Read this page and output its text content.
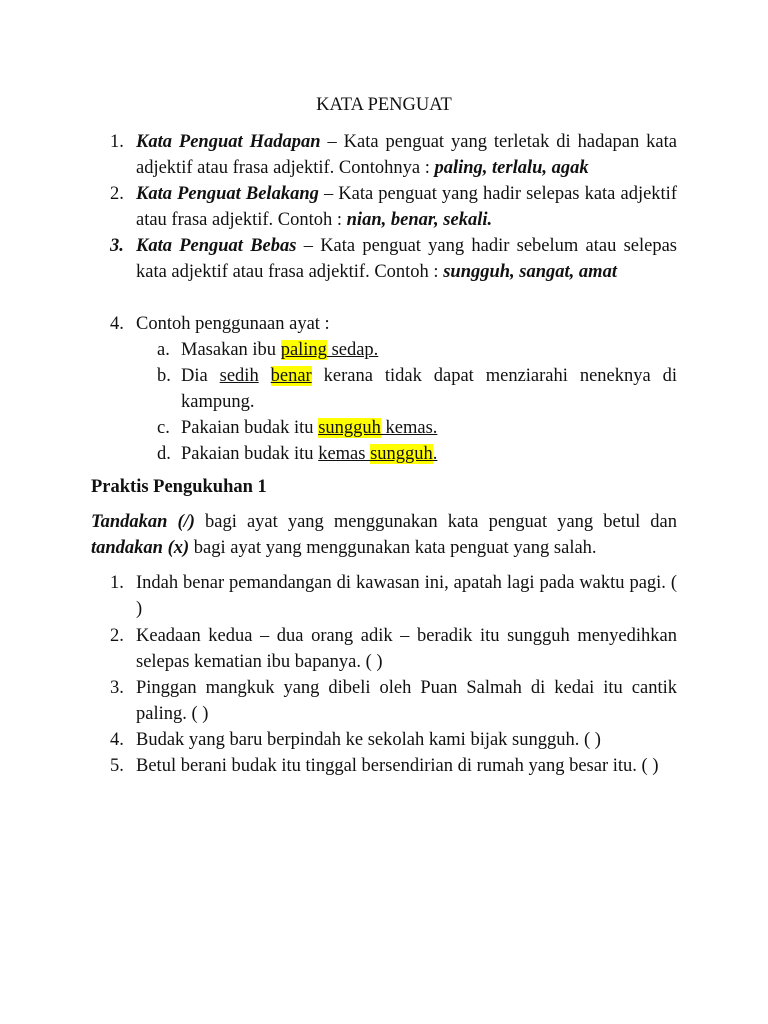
KATA PENGUAT
1. Kata Penguat Hadapan – Kata penguat yang terletak di hadapan kata adjektif atau frasa adjektif. Contohnya : paling, terlalu, agak
2. Kata Penguat Belakang – Kata penguat yang hadir selepas kata adjektif atau frasa adjektif. Contoh : nian, benar, sekali.
3. Kata Penguat Bebas – Kata penguat yang hadir sebelum atau selepas kata adjektif atau frasa adjektif. Contoh : sungguh, sangat, amat
4. Contoh penggunaan ayat :
a. Masakan ibu paling sedap.
b. Dia sedih benar kerana tidak dapat menziarahi neneknya di kampung.
c. Pakaian budak itu sungguh kemas.
d. Pakaian budak itu kemas sungguh.
Praktis Pengukuhan 1
Tandakan (/) bagi ayat yang menggunakan kata penguat yang betul dan tandakan (x) bagi ayat yang menggunakan kata penguat yang salah.
1. Indah benar pemandangan di kawasan ini, apatah lagi pada waktu pagi. ( )
2. Keadaan kedua – dua orang adik – beradik itu sungguh menyedihkan selepas kematian ibu bapanya. ( )
3. Pinggan mangkuk yang dibeli oleh Puan Salmah di kedai itu cantik paling. ( )
4. Budak yang baru berpindah ke sekolah kami bijak sungguh. ( )
5. Betul berani budak itu tinggal bersendirian di rumah yang besar itu. ( )
